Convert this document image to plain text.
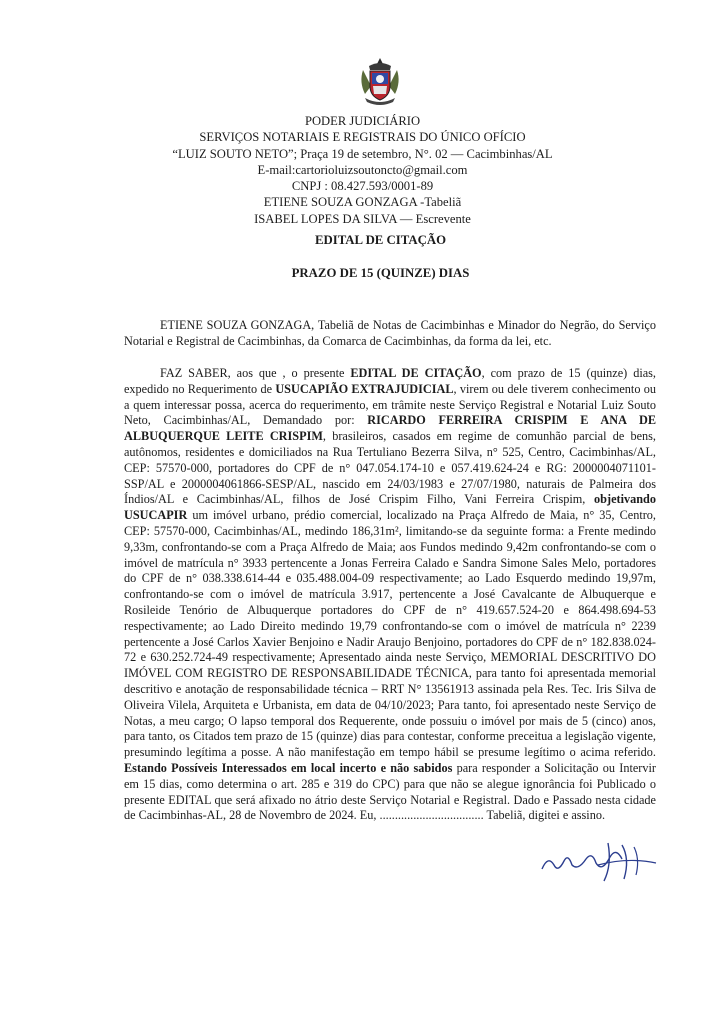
PODER JUDICIÁRIO
SERVIÇOS NOTARIAIS E REGISTRAIS DO ÚNICO OFÍCIO
“LUIZ SOUTO NETO”; Praça 19 de setembro, N°. 02 — Cacimbinhas/AL
E-mail:cartorioluizsoutoncto@gmail.com
CNPJ : 08.427.593/0001-89
ETIENE SOUZA GONZAGA -Tabeliã
ISABEL LOPES DA SILVA — Escrevente
EDITAL DE CITAÇÃO
PRAZO DE 15 (QUINZE) DIAS
ETIENE SOUZA GONZAGA, Tabeliã de Notas de Cacimbinhas e Minador do Negrão, do Serviço Notarial e Registral de Cacimbinhas, da Comarca de Cacimbinhas, da forma da lei, etc.
FAZ SABER, aos que , o presente EDITAL DE CITAÇÃO, com prazo de 15 (quinze) dias, expedido no Requerimento de USUCAPIÃO EXTRAJUDICIAL, virem ou dele tiverem conhecimento ou a quem interessar possa, acerca do requerimento, em trâmite neste Serviço Registral e Notarial Luiz Souto Neto, Cacimbinhas/AL, Demandado por: RICARDO FERREIRA CRISPIM E ANA DE ALBUQUERQUE LEITE CRISPIM, brasileiros, casados em regime de comunhão parcial de bens, autônomos, residentes e domiciliados na Rua Tertuliano Bezerra Silva, n° 525, Centro, Cacimbinhas/AL, CEP: 57570-000, portadores do CPF de n° 047.054.174-10 e 057.419.624-24 e RG: 2000004071101-SSP/AL e 2000004061866-SESP/AL, nascido em 24/03/1983 e 27/07/1980, naturais de Palmeira dos Índios/AL e Cacimbinhas/AL, filhos de José Crispim Filho, Vani Ferreira Crispim, objetivando USUCAPIR um imóvel urbano, prédio comercial, localizado na Praça Alfredo de Maia, n° 35, Centro, CEP: 57570-000, Cacimbinhas/AL, medindo 186,31m², limitando-se da seguinte forma: a Frente medindo 9,33m, confrontando-se com a Praça Alfredo de Maia; aos Fundos medindo 9,42m confrontando-se com o imóvel de matrícula n° 3933 pertencente a Jonas Ferreira Calado e Sandra Simone Sales Melo, portadores do CPF de n° 038.338.614-44 e 035.488.004-09 respectivamente; ao Lado Esquerdo medindo 19,97m, confrontando-se com o imóvel de matrícula 3.917, pertencente a José Cavalcante de Albuquerque e Rosileide Tenório de Albuquerque portadores do CPF de n° 419.657.524-20 e 864.498.694-53 respectivamente; ao Lado Direito medindo 19,79 confrontando-se com o imóvel de matrícula n° 2239 pertencente a José Carlos Xavier Benjoino e Nadir Araujo Benjoino, portadores do CPF de n° 182.838.024-72 e 630.252.724-49 respectivamente; Apresentado ainda neste Serviço, MEMORIAL DESCRITIVO DO IMÓVEL COM REGISTRO DE RESPONSABILIDADE TÉCNICA, para tanto foi apresentada memorial descritivo e anotação de responsabilidade técnica – RRT N° 13561913 assinada pela Res. Tec. Iris Silva de Oliveira Vilela, Arquiteta e Urbanista, em data de 04/10/2023; Para tanto, foi apresentado neste Serviço de Notas, a meu cargo; O lapso temporal dos Requerente, onde possuiu o imóvel por mais de 5 (cinco) anos, para tanto, os Citados tem prazo de 15 (quinze) dias para contestar, conforme preceitua a legislação vigente, presumindo legítima a posse. A não manifestação em tempo hábil se presume legítimo o acima referido. Estando Possíveis Interessados em local incerto e não sabidos para responder a Solicitação ou Intervir em 15 dias, como determina o art. 285 e 319 do CPC) para que não se alegue ignorância foi Publicado o presente EDITAL que será afixado no átrio deste Serviço Notarial e Registral. Dado e Passado nesta cidade de Cacimbinhas-AL, 28 de Novembro de 2024. Eu, .................................. Tabeliã, digitei e assino.
